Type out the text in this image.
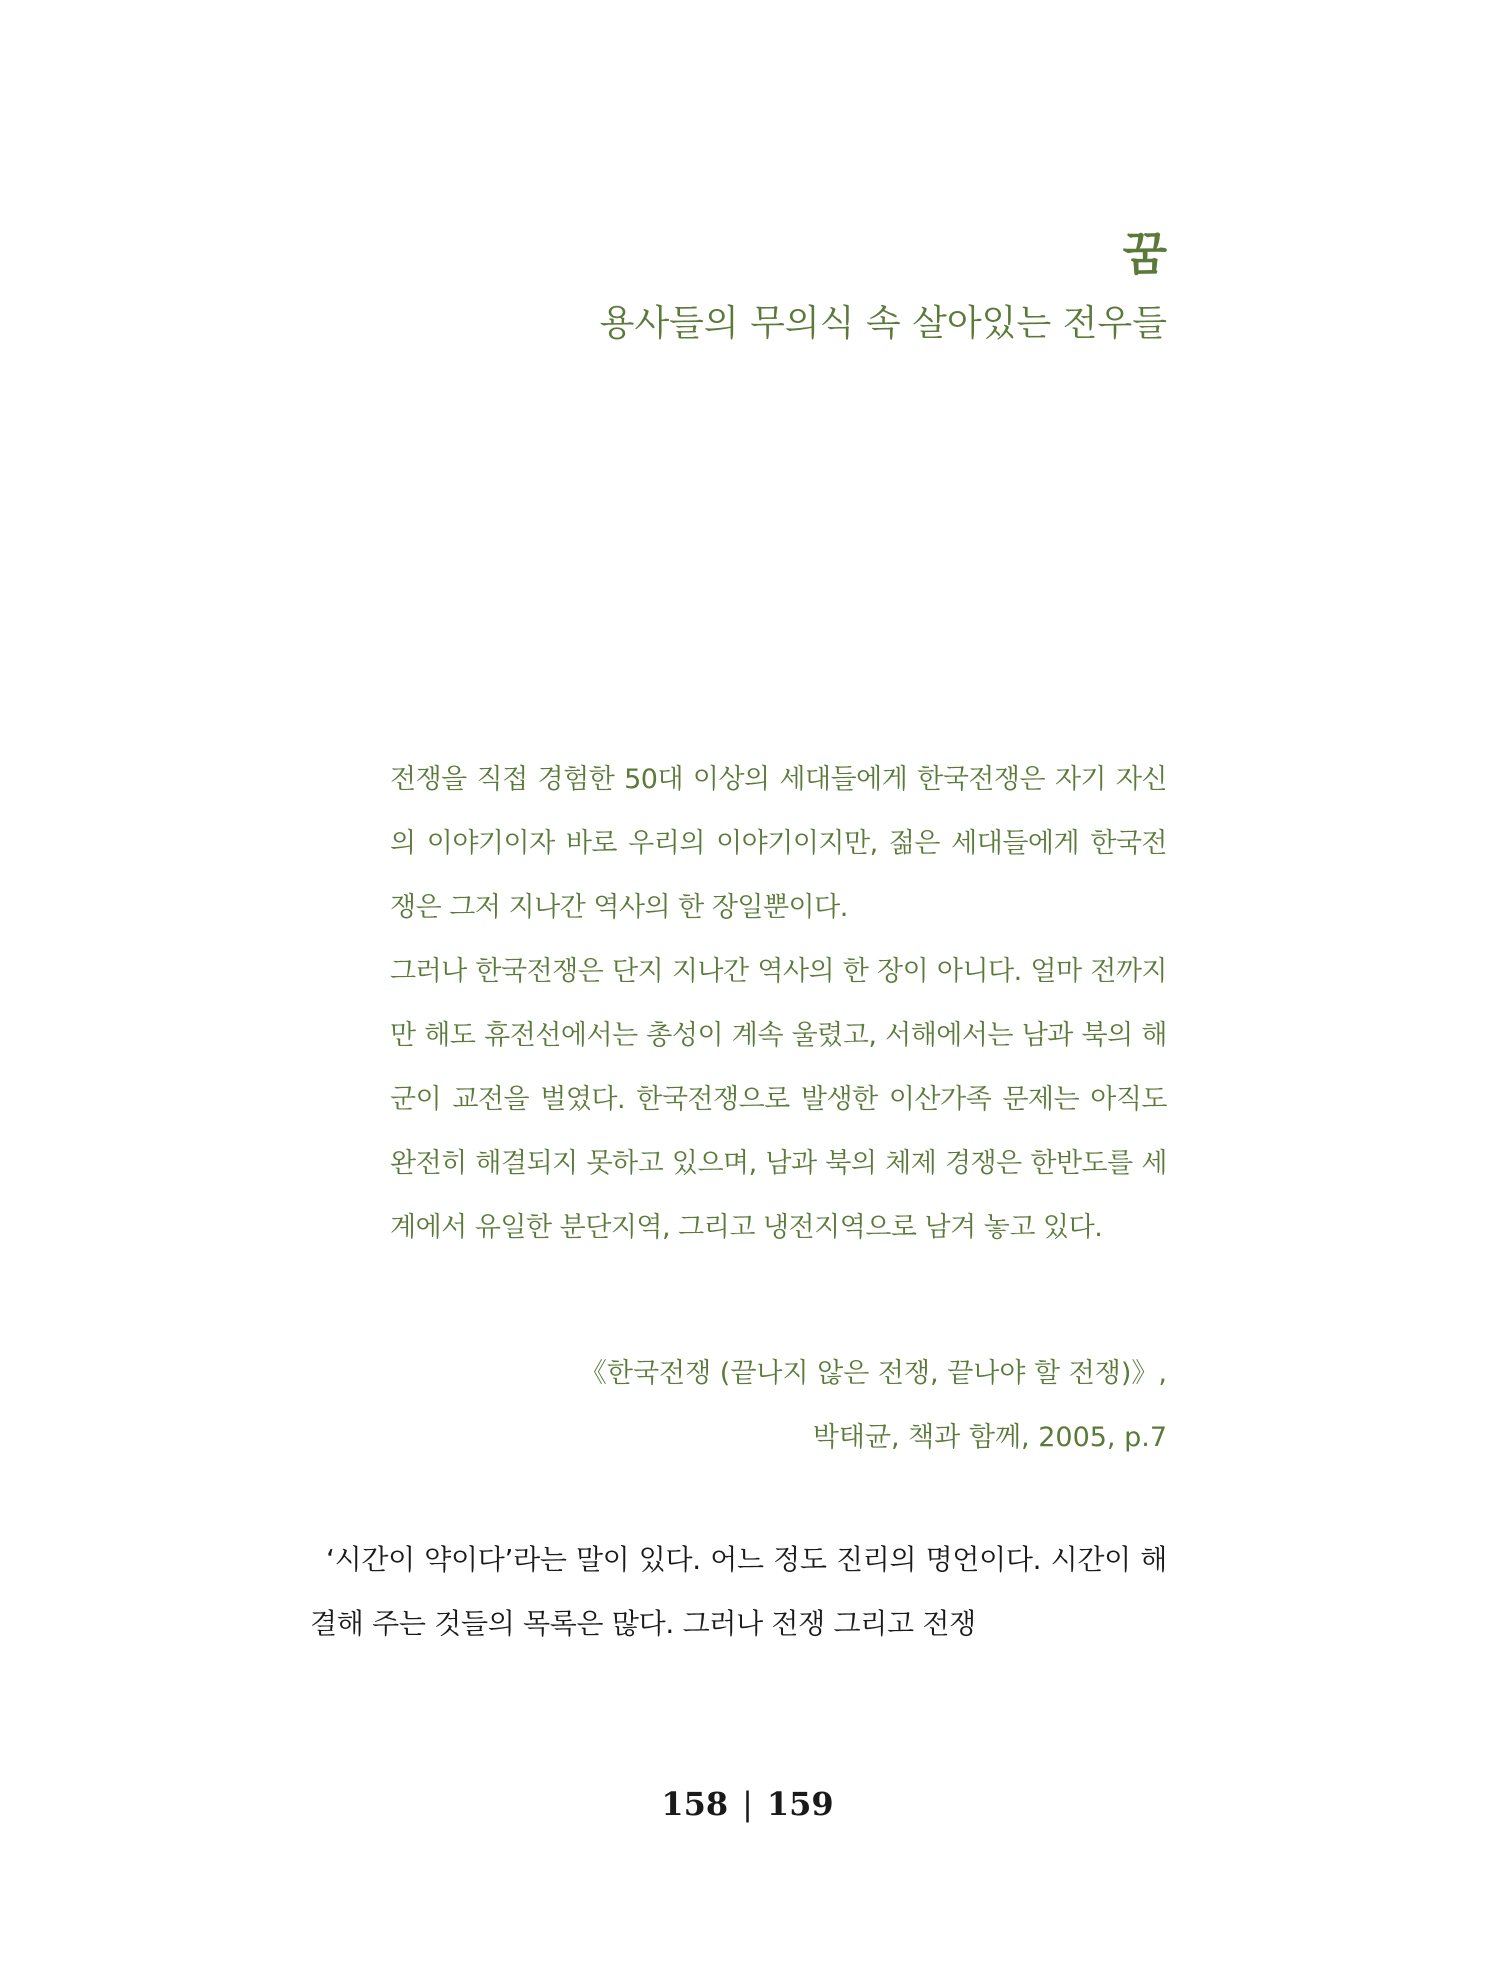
꿈
용사들의 무의식 속 살아있는 전우들

전쟁을 직접 경험한 50대 이상의 세대들에게 한국전쟁은 자기 자신의 이야기이자 바로 우리의 이야기이지만, 젊은 세대들에게 한국전쟁은 그저 지나간 역사의 한 장일뿐이다.

그러나 한국전쟁은 단지 지나간 역사의 한 장이 아니다. 얼마 전까지만 해도 휴전선에서는 총성이 계속 울렸고, 서해에서는 남과 북의 해군이 교전을 벌였다. 한국전쟁으로 발생한 이산가족 문제는 아직도 완전히 해결되지 못하고 있으며, 남과 북의 체제 경쟁은 한반도를 세계에서 유일한 분단지역, 그리고 냉전지역으로 남겨 놓고 있다.

《한국전쟁 (끝나지 않은 전쟁, 끝나야 할 전쟁)》,
박태균, 책과 함께, 2005, p.7

‘시간이 약이다’라는 말이 있다. 어느 정도 진리의 명언이다. 시간이 해결해 주는 것들의 목록은 많다. 그러나 전쟁 그리고 전쟁

158 | 159
